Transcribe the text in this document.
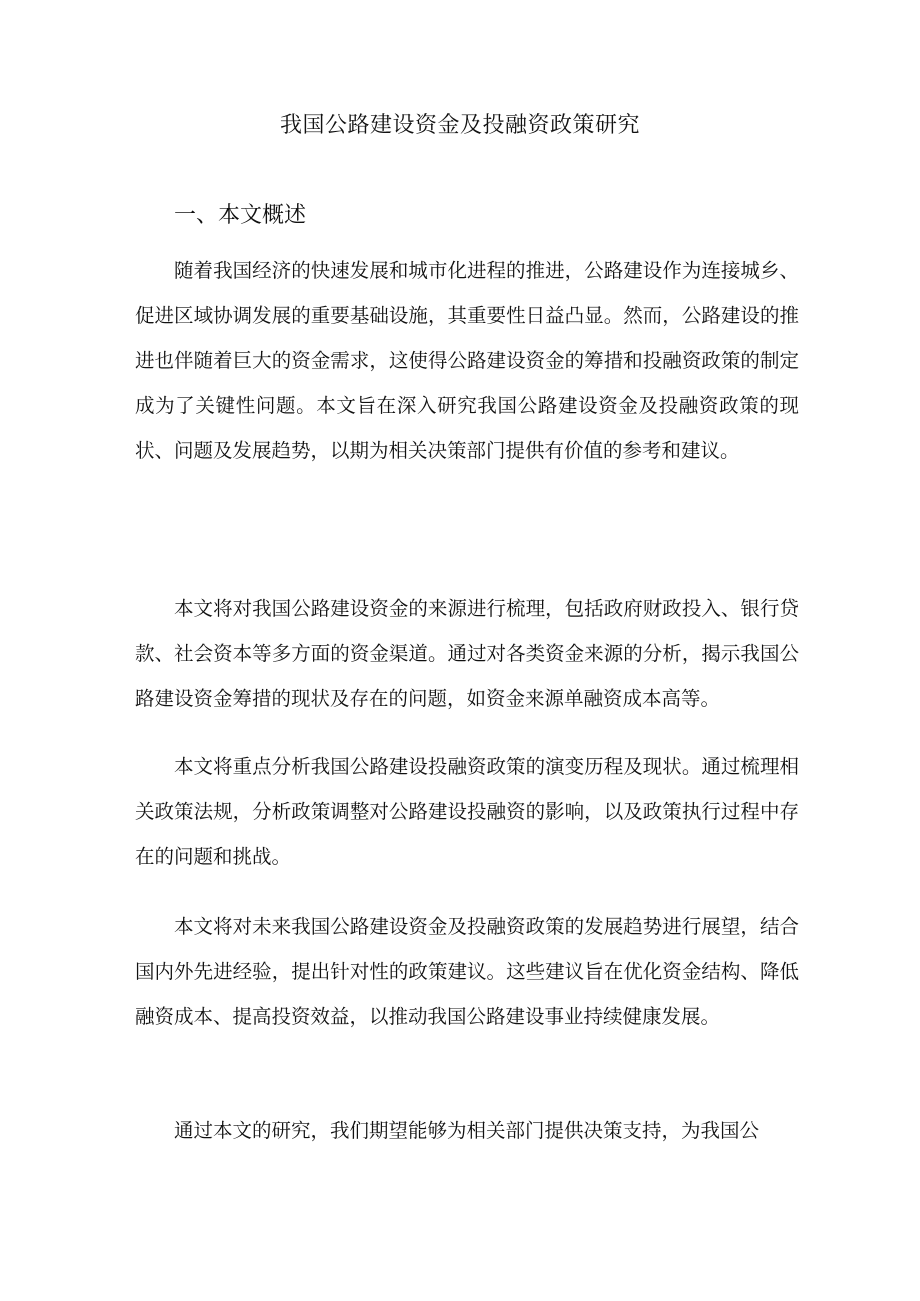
我国公路建设资金及投融资政策研究
一、本文概述

随着我国经济的快速发展和城市化进程的推进，公路建设作为连接城乡、促进区域协调发展的重要基础设施，其重要性日益凸显。然而，公路建设的推进也伴随着巨大的资金需求，这使得公路建设资金的筹措和投融资政策的制定成为了关键性问题。本文旨在深入研究我国公路建设资金及投融资政策的现状、问题及发展趋势，以期为相关决策部门提供有价值的参考和建议。

本文将对我国公路建设资金的来源进行梳理，包括政府财政投入、银行贷款、社会资本等多方面的资金渠道。通过对各类资金来源的分析，揭示我国公路建设资金筹措的现状及存在的问题，如资金来源单融资成本高等。

本文将重点分析我国公路建设投融资政策的演变历程及现状。通过梳理相关政策法规，分析政策调整对公路建设投融资的影响，以及政策执行过程中存在的问题和挑战。

本文将对未来我国公路建设资金及投融资政策的发展趋势进行展望，结合国内外先进经验，提出针对性的政策建议。这些建议旨在优化资金结构、降低融资成本、提高投资效益，以推动我国公路建设事业持续健康发展。

通过本文的研究，我们期望能够为相关部门提供决策支持，为我国公
